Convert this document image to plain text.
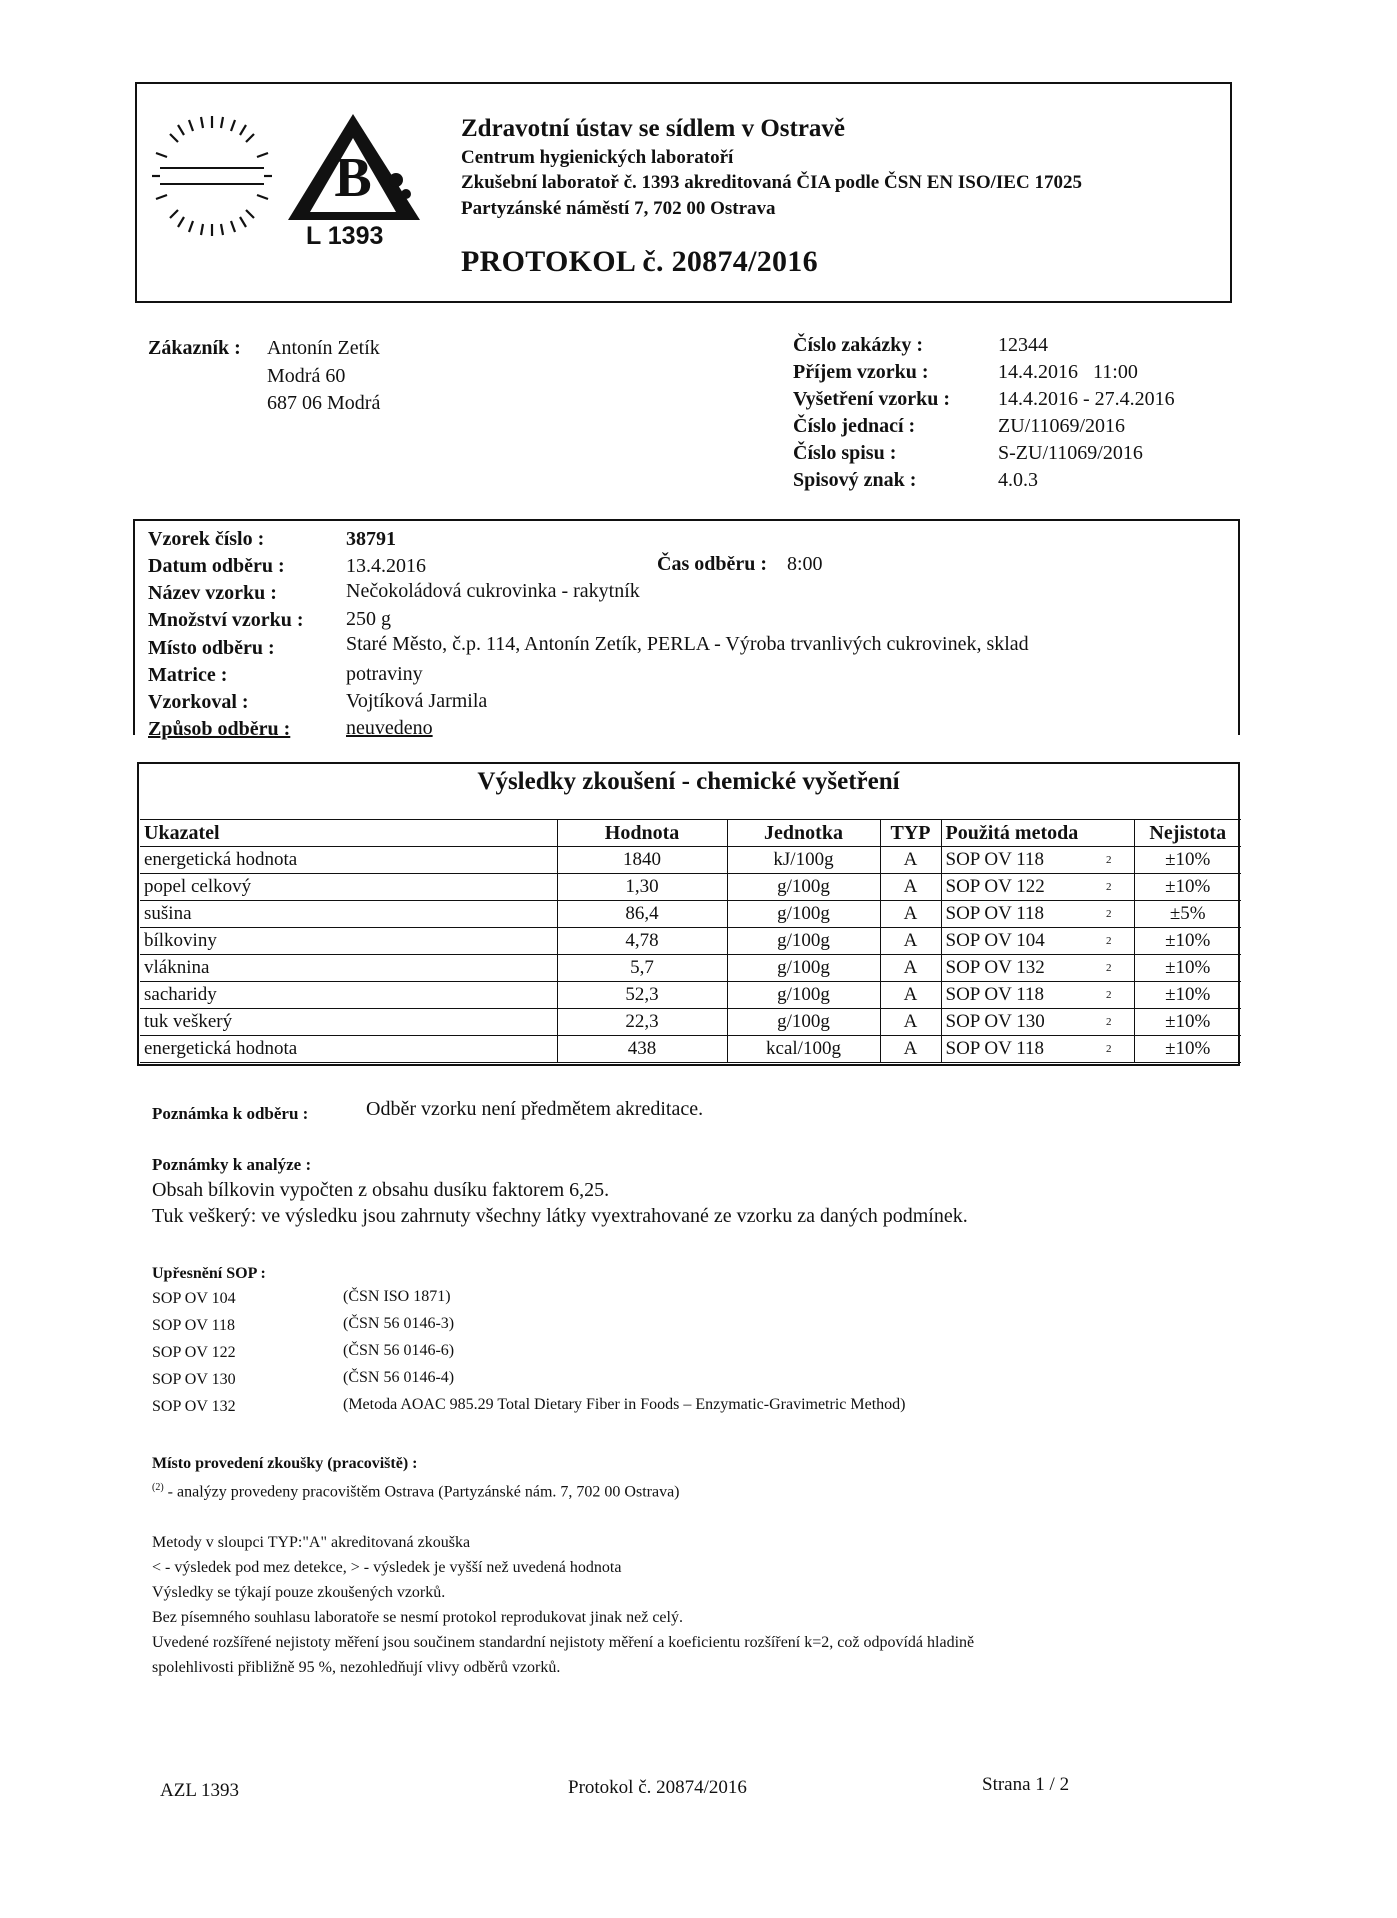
B
L 1393
Zdravotní ústav se sídlem v Ostravě
Centrum hygienických laboratoří
Zkušební laboratoř č. 1393 akreditovaná ČIA podle ČSN EN ISO/IEC 17025
Partyzánské náměstí 7, 702 00 Ostrava
PROTOKOL č. 20874/2016
Zákazník : Antonín Zetík
Modrá 60
687 06 Modrá
Číslo zakázky :	12344
Příjem vzorku :	14.4.2016   11:00
Vyšetření vzorku : 14.4.2016 - 27.4.2016
Číslo jednací :	ZU/11069/2016
Číslo spisu :	S-ZU/11069/2016
Spisový znak :	4.0.3
Vzorek číslo :	38791
Datum odběru :	13.4.2016	Čas odběru : 8:00
Název vzorku :	Nečokoládová cukrovinka - rakytník
Množství vzorku : 250 g
Místo odběru :	Staré Město, č.p. 114, Antonín Zetík, PERLA - Výroba trvanlivých cukrovinek, sklad
Matrice :	potraviny
Vzorkoval :	Vojtíková Jarmila
Způsob odběru :	neuvedeno
Výsledky zkoušení - chemické vyšetření
Ukazatel	Hodnota	Jednotka	TYP	Použitá metoda	Nejistota
energetická hodnota	1840	kJ/100g	A	SOP OV 118 2	±10%
popel celkový	1,30	g/100g	A	SOP OV 122 2	±10%
sušina	86,4	g/100g	A	SOP OV 118 2	±5%
bílkoviny	4,78	g/100g	A	SOP OV 104 2	±10%
vláknina	5,7	g/100g	A	SOP OV 132 2	±10%
sacharidy	52,3	g/100g	A	SOP OV 118 2	±10%
tuk veškerý	22,3	g/100g	A	SOP OV 130 2	±10%
energetická hodnota	438	kcal/100g	A	SOP OV 118 2	±10%
Poznámka k odběru :	Odběr vzorku není předmětem akreditace.
Poznámky k analýze :
Obsah bílkovin vypočten z obsahu dusíku faktorem 6,25.
Tuk veškerý: ve výsledku jsou zahrnuty všechny látky vyextrahované ze vzorku za daných podmínek.
Upřesnění SOP :
SOP OV 104	(ČSN ISO 1871)
SOP OV 118	(ČSN 56 0146-3)
SOP OV 122	(ČSN 56 0146-6)
SOP OV 130	(ČSN 56 0146-4)
SOP OV 132	(Metoda AOAC 985.29 Total Dietary Fiber in Foods – Enzymatic-Gravimetric Method)
Místo provedení zkoušky (pracoviště) :
$^{(2)}$ - analýzy provedeny pracovištěm Ostrava (Partyzánské nám. 7, 702 00 Ostrava)
Metody v sloupci TYP:"A" akreditovaná zkouška
< - výsledek pod mez detekce, > - výsledek je vyšší než uvedená hodnota
Výsledky se týkají pouze zkoušených vzorků.
Bez písemného souhlasu laboratoře se nesmí protokol reprodukovat jinak než celý.
Uvedené rozšířené nejistoty měření jsou součinem standardní nejistoty měření a koeficientu rozšíření k=2, což odpovídá hladině
spolehlivosti přibližně 95 %, nezohledňují vlivy odběrů vzorků.
AZL 1393	Protokol č. 20874/2016	Strana 1 / 2
